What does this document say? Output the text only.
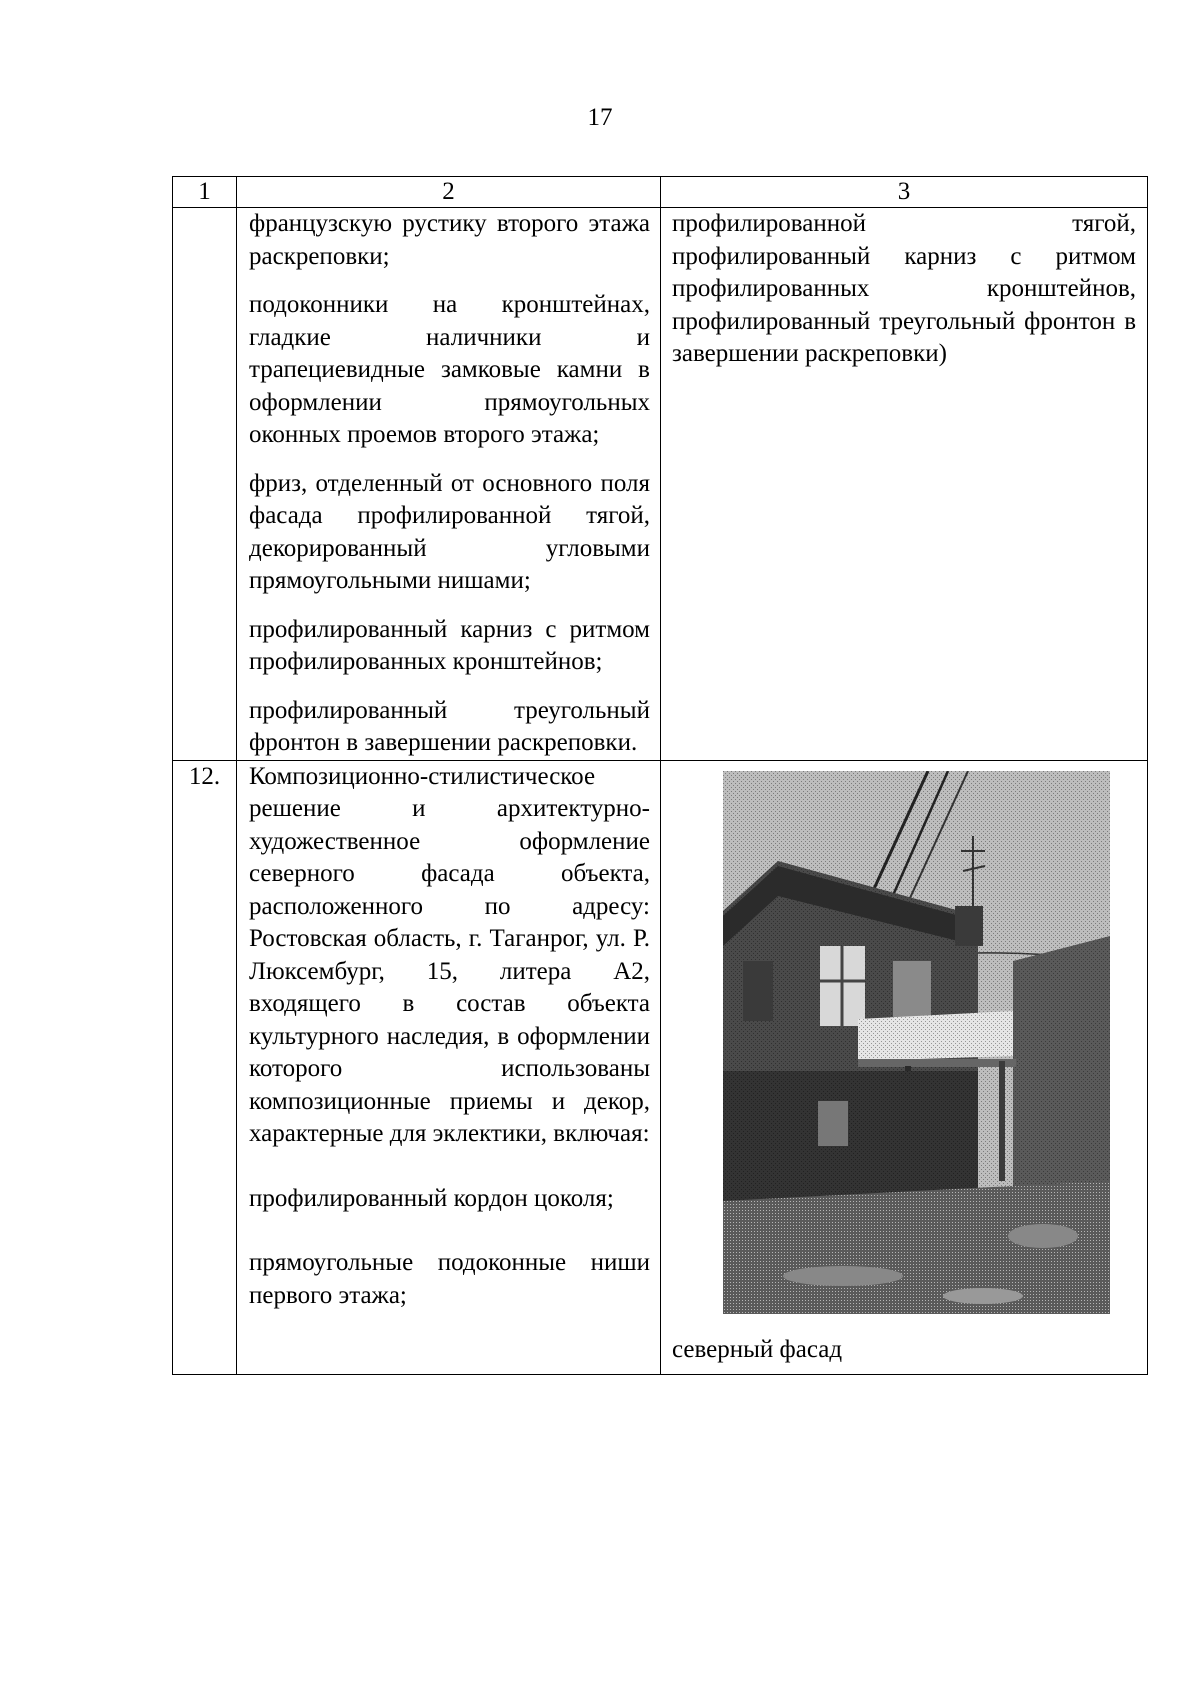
17
1	2	3

	французскую рустику второго этажа раскреповки;

подоконники на кронштейнах, гладкие наличники и трапециевидные замковые камни в оформлении прямоугольных оконных проемов второго этажа;

фриз, отделенный от основного поля фасада профилированной тягой, декорированный угловыми прямоугольными нишами;

профилированный карниз с ритмом профилированных кронштейнов;

профилированный треугольный фронтон в завершении раскреповки.	профилированной тягой, профилированный карниз с ритмом профилированных кронштейнов, профилированный треугольный фронтон в завершении раскреповки)

12.	Композиционно-стилистическое решение и архитектурно-художественное оформление северного фасада объекта, расположенного по адресу: Ростовская область, г. Таганрог, ул. Р. Люксембург, 15, литера А2, входящего в состав объекта культурного наследия, в оформлении которого использованы композиционные приемы и декор, характерные для эклектики, включая:

профилированный кордон цоколя;

прямоугольные подоконные ниши первого этажа;	северный фасад
